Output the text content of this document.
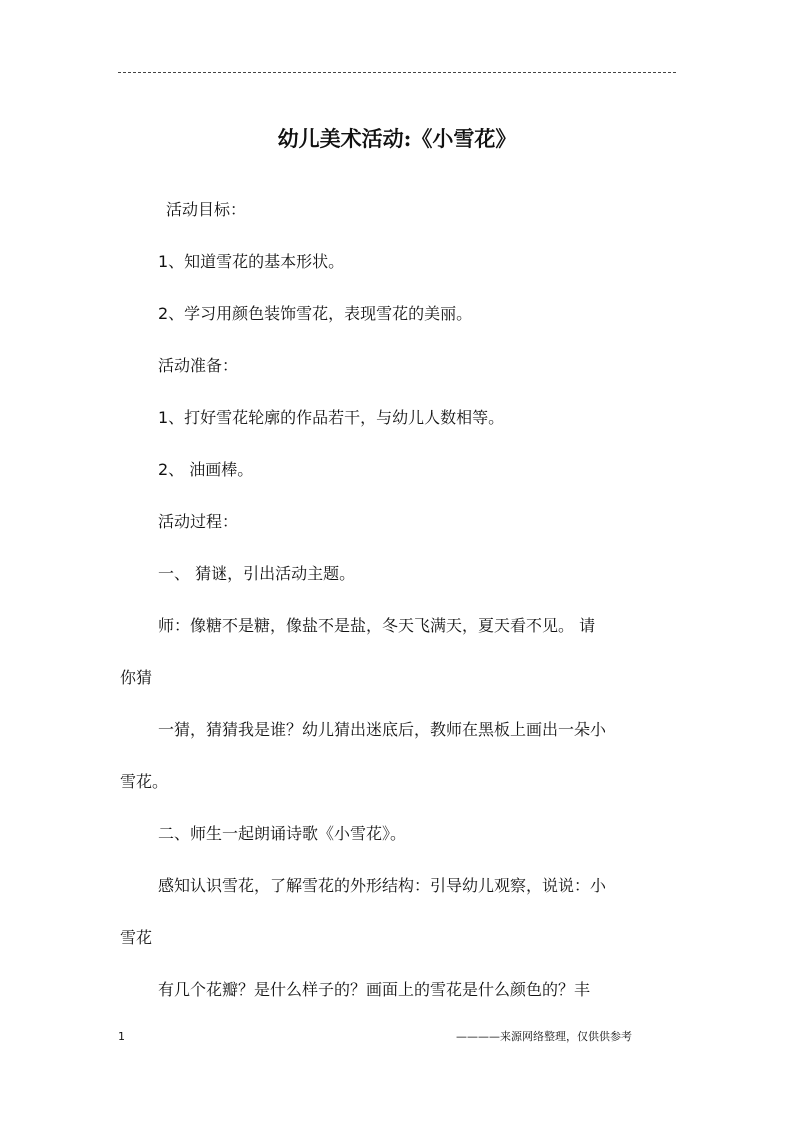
幼儿美术活动:《小雪花》
活动目标：
1、知道雪花的基本形状。
2、学习用颜色装饰雪花，表现雪花的美丽。
活动准备：
1、打好雪花轮廓的作品若干，与幼儿人数相等。
2、 油画棒。
活动过程：
一、 猜谜，引出活动主题。
师：像糖不是糖，像盐不是盐，冬天飞满天，夏天看不见。 请
你猜
一猜，猜猜我是谁？幼儿猜出迷底后，教师在黑板上画出一朵小
雪花。
二、师生一起朗诵诗歌《小雪花》。
感知认识雪花，了解雪花的外形结构：引导幼儿观察，说说：小
雪花
有几个花瓣？是什么样子的？画面上的雪花是什么颜色的？丰
1	————来源网络整理，仅供供参考
